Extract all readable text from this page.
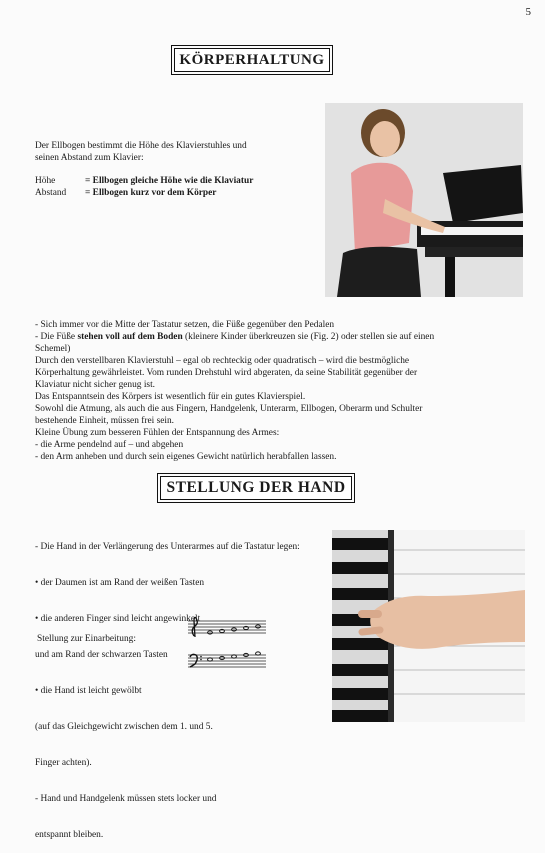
5
KÖRPERHALTUNG
Der Ellbogen bestimmt die Höhe des Klavierstuhles und
seinen Abstand zum Klavier:
Höhe	= Ellbogen gleiche Höhe wie die Klaviatur
Abstand	= Ellbogen kurz vor dem Körper
- Sich immer vor die Mitte der Tastatur setzen, die Füße gegenüber den Pedalen
- Die Füße stehen voll auf dem Boden (kleinere Kinder überkreuzen sie (Fig. 2) oder stellen sie auf einen
Schemel)
Durch den verstellbaren Klavierstuhl – egal ob rechteckig oder quadratisch – wird die bestmögliche
Körperhaltung gewährleistet. Vom runden Drehstuhl wird abgeraten, da seine Stabilität gegenüber der
Klaviatur nicht sicher genug ist.
Das Entspanntsein des Körpers ist wesentlich für ein gutes Klavierspiel.
Sowohl die Atmung, als auch die aus Fingern, Handgelenk, Unterarm, Ellbogen, Oberarm und Schulter
bestehende Einheit, müssen frei sein.
Kleine Übung zum besseren Fühlen der Entspannung des Armes:
- die Arme pendelnd auf – und abgehen
- den Arm anheben und durch sein eigenes Gewicht natürlich herabfallen lassen.
STELLUNG DER HAND

- Die Hand in der Verlängerung des Unterarmes auf die Tastatur legen:

• der Daumen ist am Rand der weißen Tasten

• die anderen Finger sind leicht angewinkelt

und am Rand der schwarzen Tasten

• die Hand ist leicht gewölbt

(auf das Gleichgewicht zwischen dem 1. und 5.

Finger achten).

- Hand und Handgelenk müssen stets locker und

entspannt bleiben.

Stellung zur Einarbeitung:
